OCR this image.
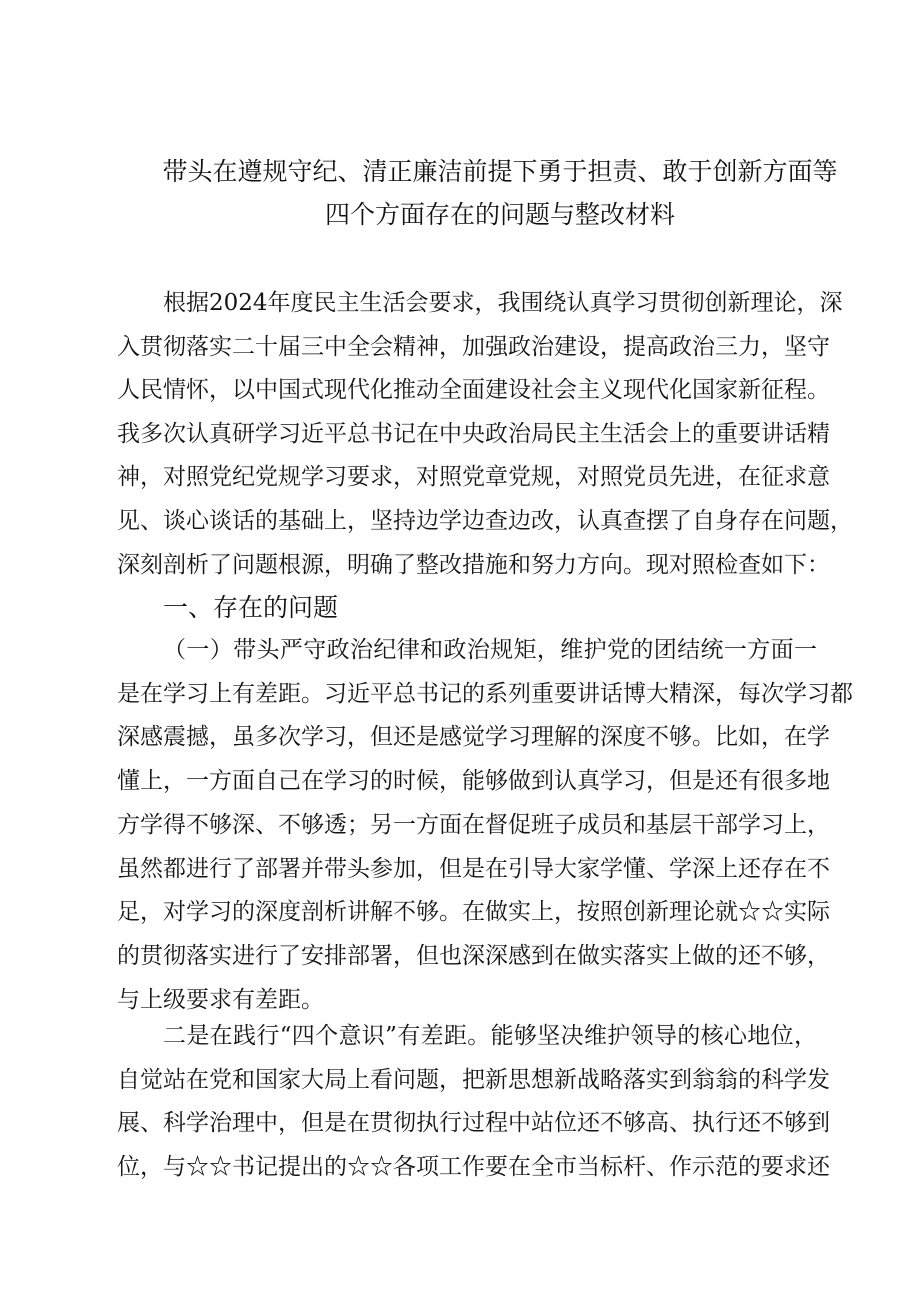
带头在遵规守纪、清正廉洁前提下勇于担责、敢于创新方面等
四个方面存在的问题与整改材料
根据2024年度民主生活会要求，我围绕认真学习贯彻创新理论，深
入贯彻落实二十届三中全会精神，加强政治建设，提高政治三力，坚守
人民情怀，以中国式现代化推动全面建设社会主义现代化国家新征程。
我多次认真研学习近平总书记在中央政治局民主生活会上的重要讲话精
神，对照党纪党规学习要求，对照党章党规，对照党员先进，在征求意
见、谈心谈话的基础上，坚持边学边查边改，认真查摆了自身存在问题，
深刻剖析了问题根源，明确了整改措施和努力方向。现对照检查如下：
一、存在的问题
（一）带头严守政治纪律和政治规矩，维护党的团结统一方面一
是在学习上有差距。习近平总书记的系列重要讲话博大精深，每次学习都
深感震撼，虽多次学习，但还是感觉学习理解的深度不够。比如，在学
懂上，一方面自己在学习的时候，能够做到认真学习，但是还有很多地
方学得不够深、不够透；另一方面在督促班子成员和基层干部学习上，
虽然都进行了部署并带头参加，但是在引导大家学懂、学深上还存在不
足，对学习的深度剖析讲解不够。在做实上，按照创新理论就☆☆实际
的贯彻落实进行了安排部署，但也深深感到在做实落实上做的还不够，
与上级要求有差距。
二是在践行“四个意识”有差距。能够坚决维护领导的核心地位，
自觉站在党和国家大局上看问题，把新思想新战略落实到翁翁的科学发
展、科学治理中，但是在贯彻执行过程中站位还不够高、执行还不够到
位，与☆☆书记提出的☆☆各项工作要在全市当标杆、作示范的要求还
